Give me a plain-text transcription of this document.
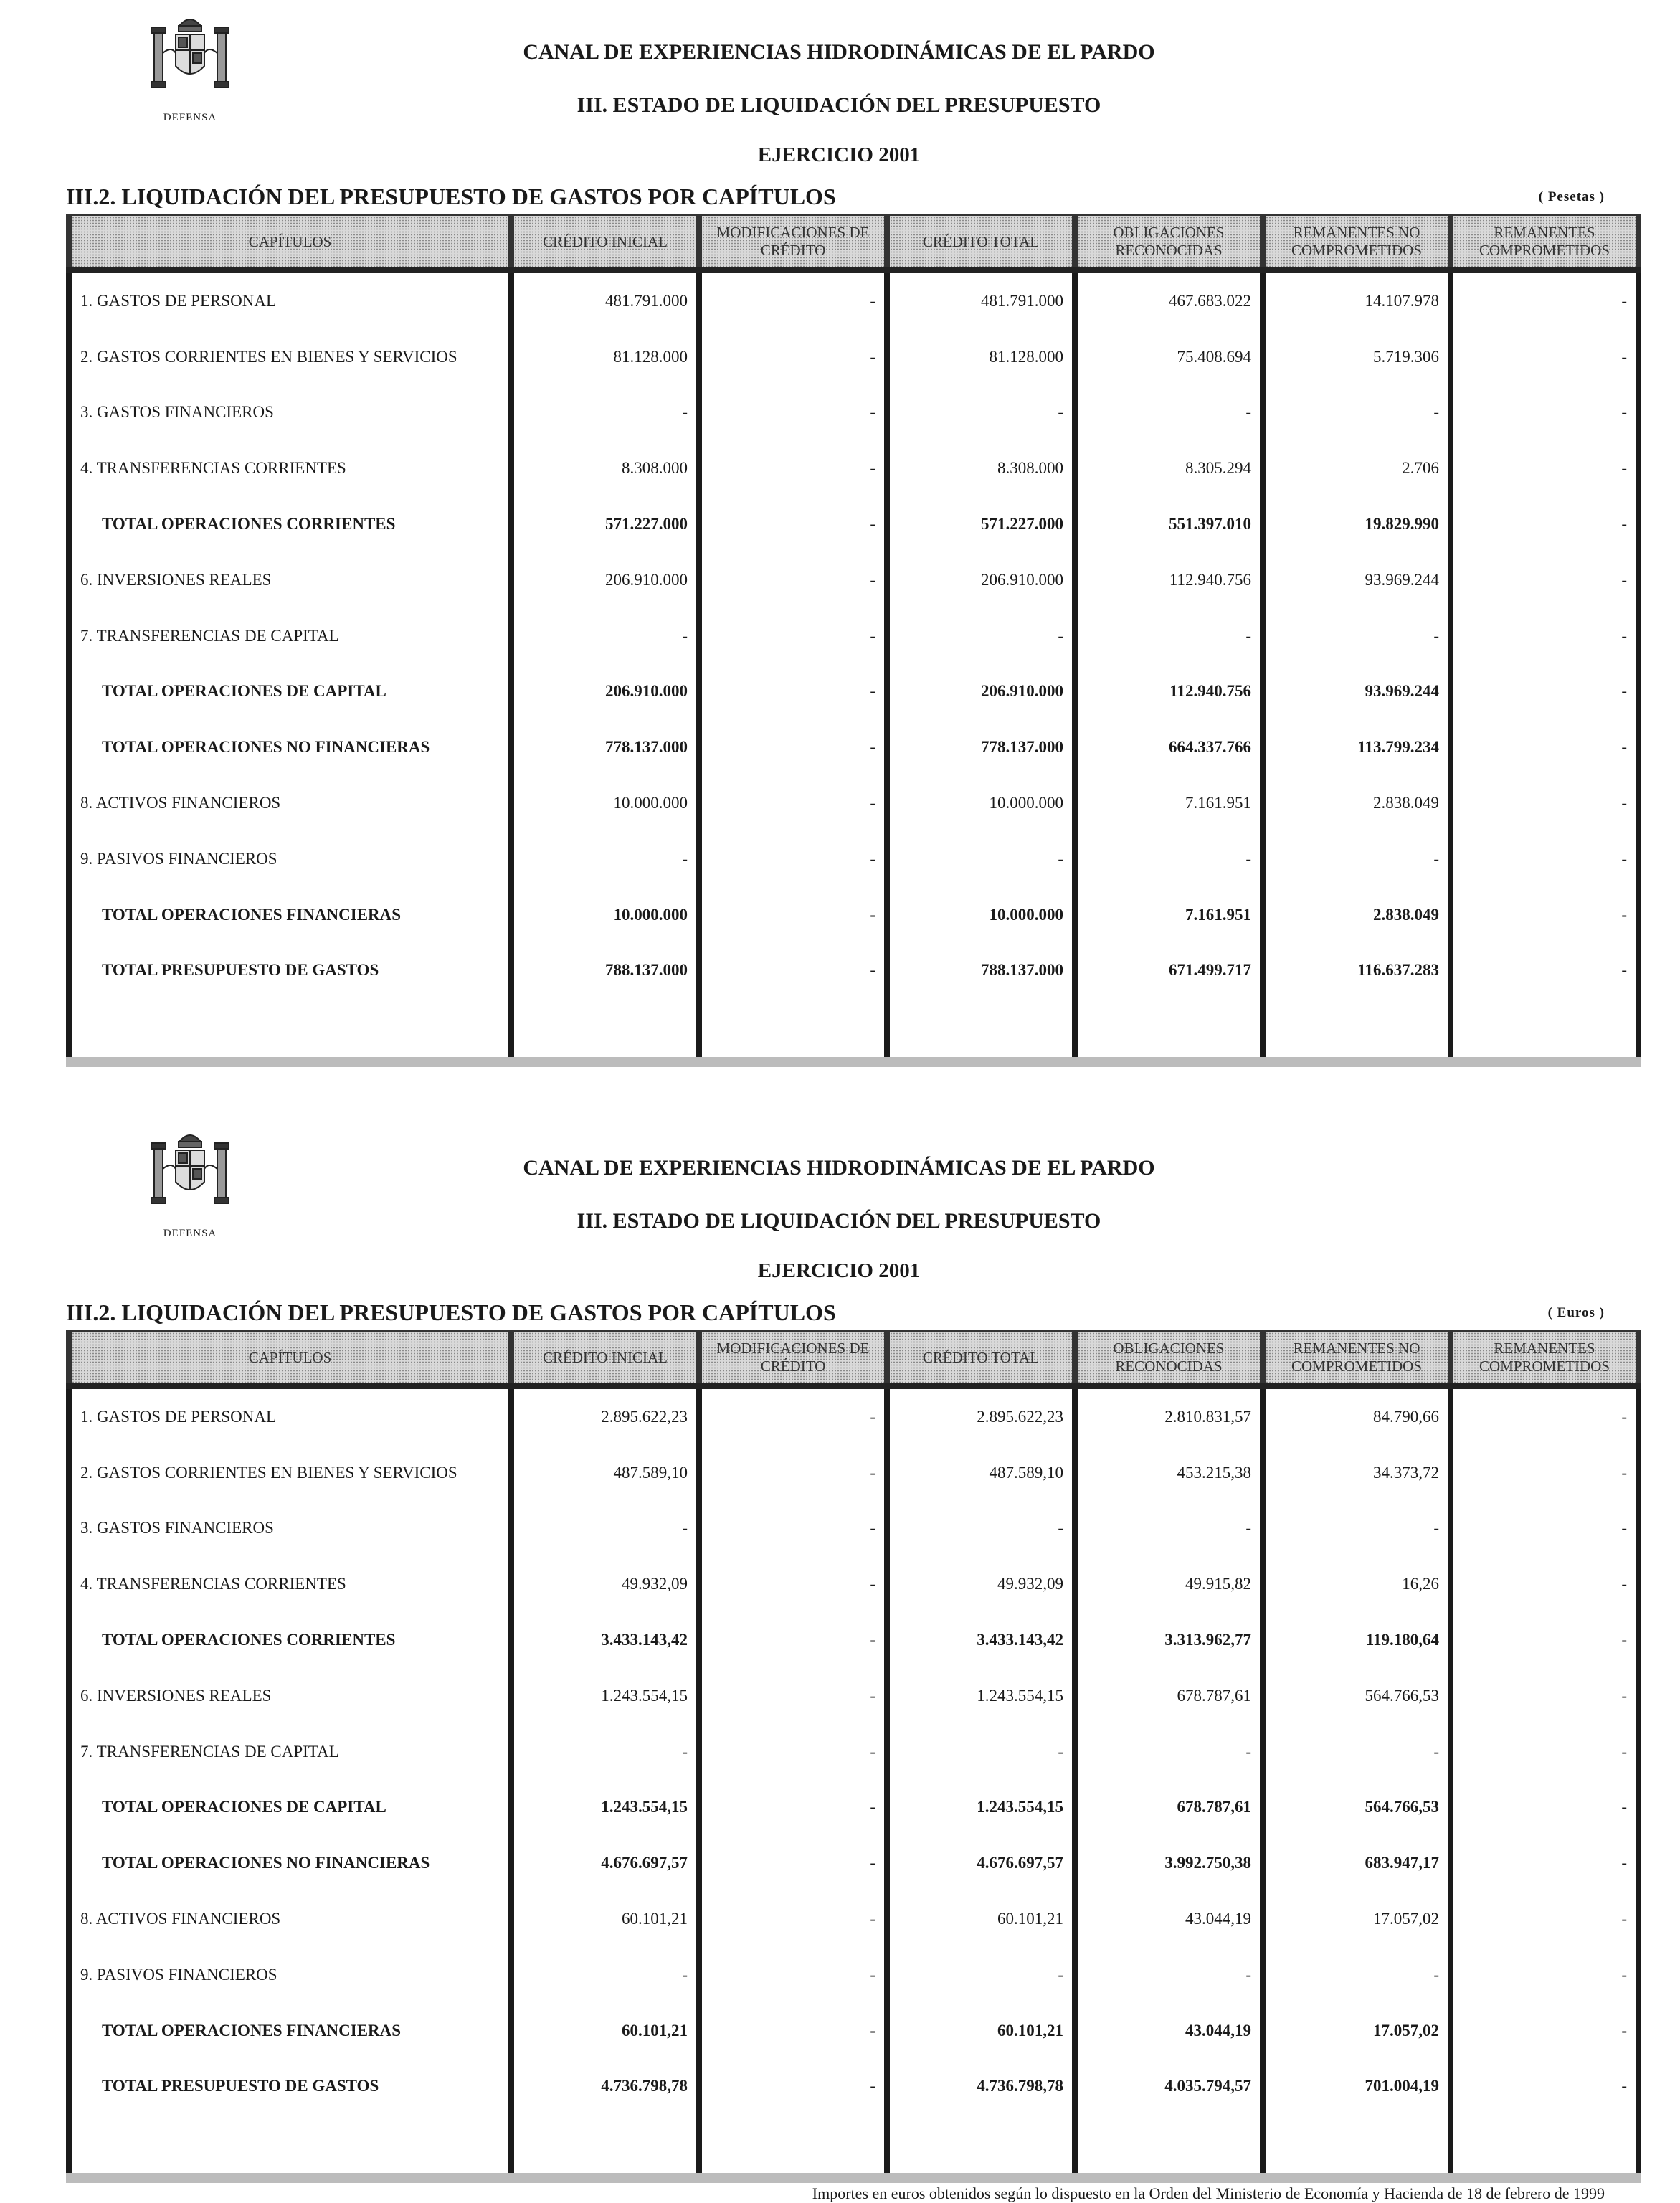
DEFENSA
CANAL DE EXPERIENCIAS HIDRODINÁMICAS DE EL PARDO
III. ESTADO DE LIQUIDACIÓN DEL PRESUPUESTO
EJERCICIO 2001
III.2. LIQUIDACIÓN DEL PRESUPUESTO DE GASTOS POR CAPÍTULOS	( Pesetas )
CAPÍTULOS	CRÉDITO INICIAL	MODIFICACIONES DE CRÉDITO	CRÉDITO TOTAL	OBLIGACIONES RECONOCIDAS	REMANENTES NO COMPROMETIDOS	REMANENTES COMPROMETIDOS
1. GASTOS DE PERSONAL	481.791.000	-	481.791.000	467.683.022	14.107.978	-
2. GASTOS CORRIENTES EN BIENES Y SERVICIOS	81.128.000	-	81.128.000	75.408.694	5.719.306	-
3. GASTOS FINANCIEROS	-	-	-	-	-	-
4. TRANSFERENCIAS CORRIENTES	8.308.000	-	8.308.000	8.305.294	2.706	-
TOTAL OPERACIONES CORRIENTES	571.227.000	-	571.227.000	551.397.010	19.829.990	-
6. INVERSIONES REALES	206.910.000	-	206.910.000	112.940.756	93.969.244	-
7. TRANSFERENCIAS DE CAPITAL	-	-	-	-	-	-
TOTAL OPERACIONES DE CAPITAL	206.910.000	-	206.910.000	112.940.756	93.969.244	-
TOTAL OPERACIONES NO FINANCIERAS	778.137.000	-	778.137.000	664.337.766	113.799.234	-
8. ACTIVOS FINANCIEROS	10.000.000	-	10.000.000	7.161.951	2.838.049	-
9. PASIVOS FINANCIEROS	-	-	-	-	-	-
TOTAL OPERACIONES FINANCIERAS	10.000.000	-	10.000.000	7.161.951	2.838.049	-
TOTAL PRESUPUESTO DE GASTOS	788.137.000	-	788.137.000	671.499.717	116.637.283	-

DEFENSA
CANAL DE EXPERIENCIAS HIDRODINÁMICAS DE EL PARDO
III. ESTADO DE LIQUIDACIÓN DEL PRESUPUESTO
EJERCICIO 2001
III.2. LIQUIDACIÓN DEL PRESUPUESTO DE GASTOS POR CAPÍTULOS	( Euros )
CAPÍTULOS	CRÉDITO INICIAL	MODIFICACIONES DE CRÉDITO	CRÉDITO TOTAL	OBLIGACIONES RECONOCIDAS	REMANENTES NO COMPROMETIDOS	REMANENTES COMPROMETIDOS
1. GASTOS DE PERSONAL	2.895.622,23	-	2.895.622,23	2.810.831,57	84.790,66	-
2. GASTOS CORRIENTES EN BIENES Y SERVICIOS	487.589,10	-	487.589,10	453.215,38	34.373,72	-
3. GASTOS FINANCIEROS	-	-	-	-	-	-
4. TRANSFERENCIAS CORRIENTES	49.932,09	-	49.932,09	49.915,82	16,26	-
TOTAL OPERACIONES CORRIENTES	3.433.143,42	-	3.433.143,42	3.313.962,77	119.180,64	-
6. INVERSIONES REALES	1.243.554,15	-	1.243.554,15	678.787,61	564.766,53	-
7. TRANSFERENCIAS DE CAPITAL	-	-	-	-	-	-
TOTAL OPERACIONES DE CAPITAL	1.243.554,15	-	1.243.554,15	678.787,61	564.766,53	-
TOTAL OPERACIONES NO FINANCIERAS	4.676.697,57	-	4.676.697,57	3.992.750,38	683.947,17	-
8. ACTIVOS FINANCIEROS	60.101,21	-	60.101,21	43.044,19	17.057,02	-
9. PASIVOS FINANCIEROS	-	-	-	-	-	-
TOTAL OPERACIONES FINANCIERAS	60.101,21	-	60.101,21	43.044,19	17.057,02	-
TOTAL PRESUPUESTO DE GASTOS	4.736.798,78	-	4.736.798,78	4.035.794,57	701.004,19	-

Importes en euros obtenidos según lo dispuesto en la Orden del Ministerio de Economía y Hacienda de 18 de febrero de 1999
